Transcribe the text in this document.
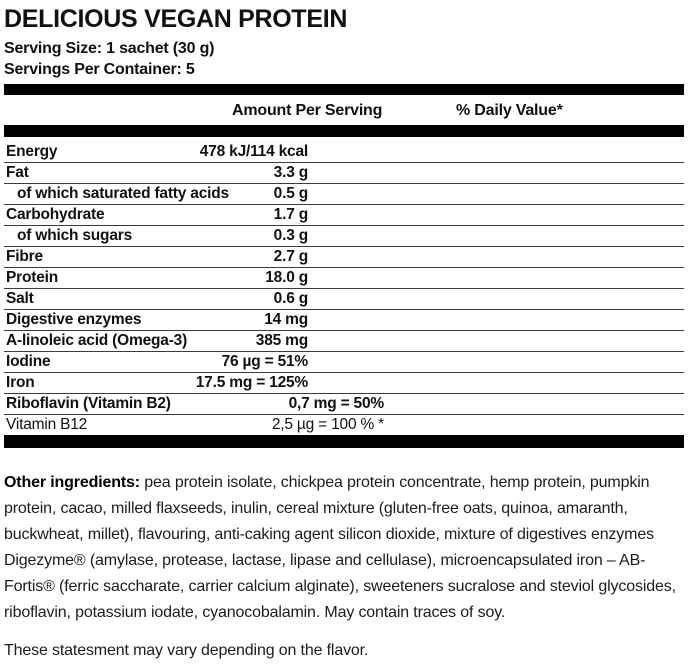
DELICIOUS VEGAN PROTEIN
Serving Size: 1 sachet (30 g)
Servings Per Container: 5
Amount Per Serving	% Daily Value*
478 kJ/114 kcal
Energy
3.3 g
Fat
0.5 g
of which saturated fatty acids
1.7 g
Carbohydrate
0.3 g
of which sugars
2.7 g
Fibre
18.0 g
Protein
0.6 g
Salt
14 mg
Digestive enzymes
385 mg
A-linoleic acid (Omega-3)
76 µg = 51%
Iodine
17.5 mg = 125%
Iron
0,7 mg = 50%
Riboflavin (Vitamin B2)
2,5 µg = 100 % *
Vitamin B12

Other ingredients: pea protein isolate, chickpea protein concentrate, hemp protein, pumpkin protein, cacao, milled flaxseeds, inulin, cereal mixture (gluten-free oats, quinoa, amaranth, buckwheat, millet), flavouring, anti-caking agent silicon dioxide, mixture of digestives enzymes Digezyme® (amylase, protease, lactase, lipase and cellulase), microencapsulated iron – AB-Fortis® (ferric saccharate, carrier calcium alginate), sweeteners sucralose and steviol glycosides, riboflavin, potassium iodate, cyanocobalamin. May contain traces of soy.

These statesment may vary depending on the flavor.
